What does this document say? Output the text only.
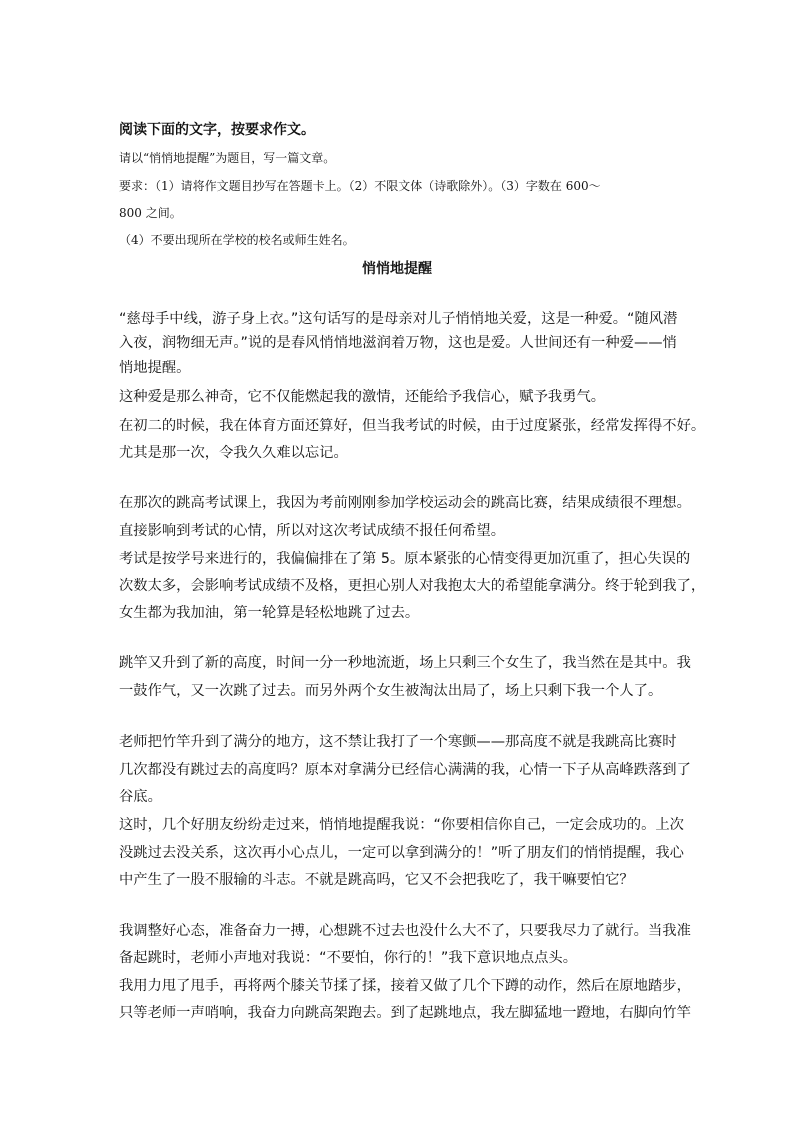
阅读下面的文字，按要求作文。
请以“悄悄地提醒”为题目，写一篇文章。
要求：（1）请将作文题目抄写在答题卡上。（2）不限文体（诗歌除外）。（3）字数在 600～
800 之间。
（4）不要出现所在学校的校名或师生姓名。
悄悄地提醒
“慈母手中线，游子身上衣。”这句话写的是母亲对儿子悄悄地关爱，这是一种爱。“随风潜
入夜，润物细无声。”说的是春风悄悄地滋润着万物，这也是爱。人世间还有一种爱——悄
悄地提醒。
这种爱是那么神奇，它不仅能燃起我的激情，还能给予我信心，赋予我勇气。
在初二的时候，我在体育方面还算好，但当我考试的时候，由于过度紧张，经常发挥得不好。
尤其是那一次，令我久久难以忘记。
在那次的跳高考试课上，我因为考前刚刚参加学校运动会的跳高比赛，结果成绩很不理想。
直接影响到考试的心情，所以对这次考试成绩不报任何希望。
考试是按学号来进行的，我偏偏排在了第 5。原本紧张的心情变得更加沉重了，担心失误的
次数太多，会影响考试成绩不及格，更担心别人对我抱太大的希望能拿满分。终于轮到我了，
女生都为我加油，第一轮算是轻松地跳了过去。
跳竿又升到了新的高度，时间一分一秒地流逝，场上只剩三个女生了，我当然在是其中。我
一鼓作气，又一次跳了过去。而另外两个女生被淘汰出局了，场上只剩下我一个人了。
老师把竹竿升到了满分的地方，这不禁让我打了一个寒颤——那高度不就是我跳高比赛时
几次都没有跳过去的高度吗？原本对拿满分已经信心满满的我，心情一下子从高峰跌落到了
谷底。
这时，几个好朋友纷纷走过来，悄悄地提醒我说：“你要相信你自己，一定会成功的。上次
没跳过去没关系，这次再小心点儿，一定可以拿到满分的！”听了朋友们的悄悄提醒，我心
中产生了一股不服输的斗志。不就是跳高吗，它又不会把我吃了，我干嘛要怕它？
我调整好心态，准备奋力一搏，心想跳不过去也没什么大不了，只要我尽力了就行。当我准
备起跳时，老师小声地对我说：“不要怕，你行的！”我下意识地点点头。
我用力甩了甩手，再将两个膝关节揉了揉，接着又做了几个下蹲的动作，然后在原地踏步，
只等老师一声哨响，我奋力向跳高架跑去。到了起跳地点，我左脚猛地一蹬地，右脚向竹竿
